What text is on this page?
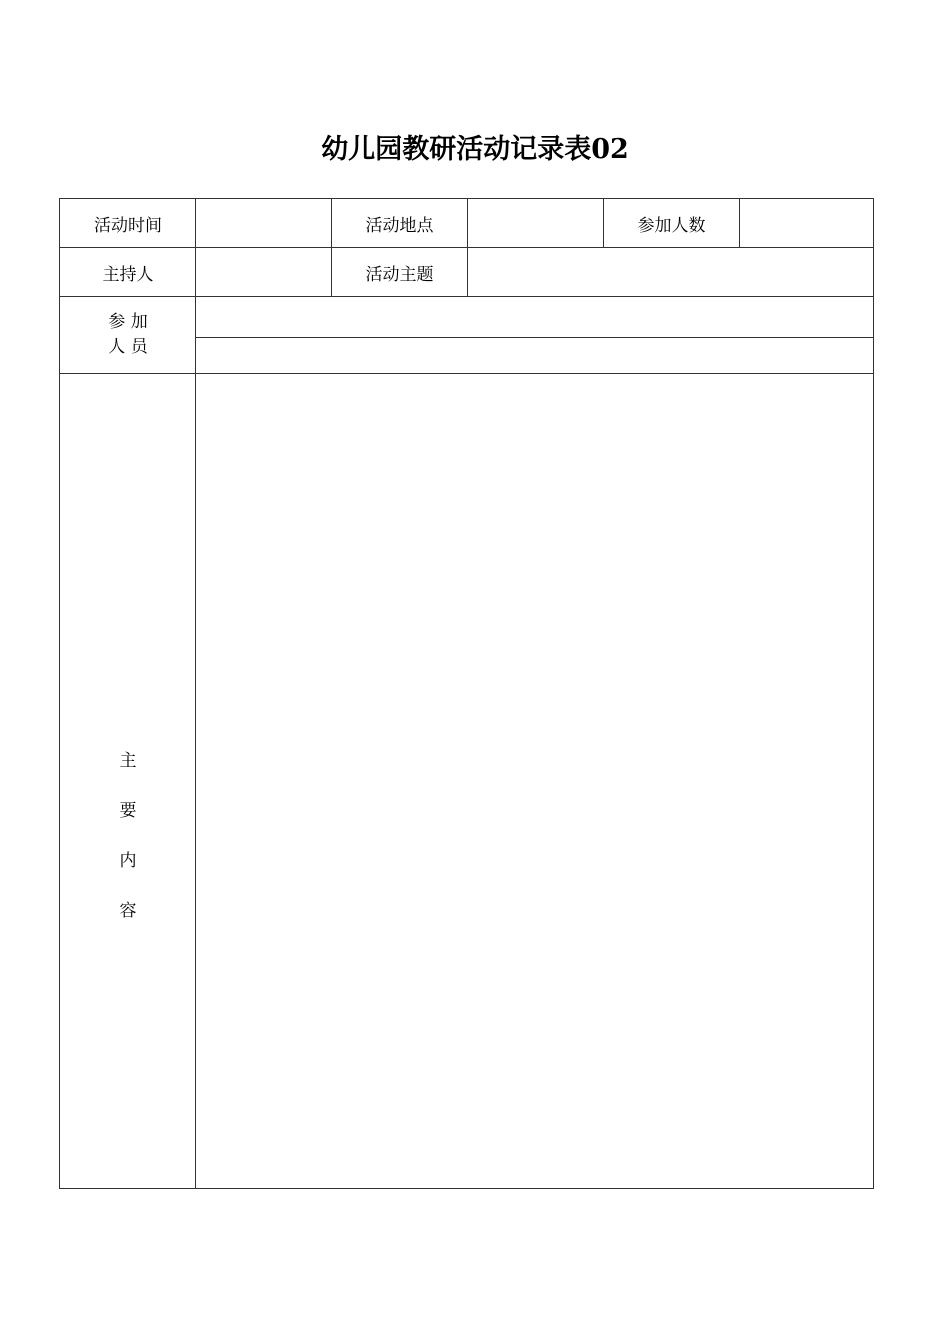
幼儿园教研活动记录表02
活动时间	活动地点	参加人数
主持人	活动主题
参 加
人 员
主
要
内
容
